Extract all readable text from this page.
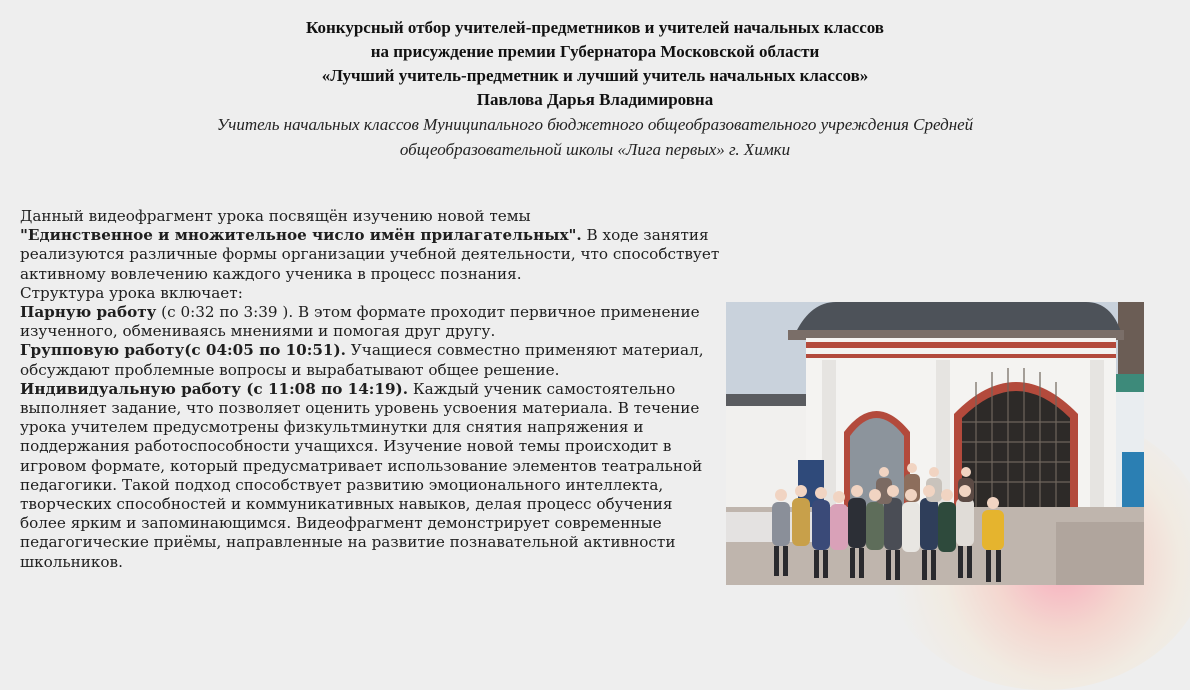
Конкурсный отбор учителей-предметников и учителей начальных классов
на присуждение премии Губернатора Московской области
«Лучший учитель-предметник и лучший учитель начальных классов»
Павлова Дарья Владимировна
Учитель начальных классов Муниципального бюджетного общеобразовательного учреждения Средней
общеобразовательной школы «Лига первых» г. Химки
Данный видеофрагмент урока посвящён изучению новой темы
"Единственное и множительное число имён прилагательных". В ходе занятия реализуются различные формы организации учебной деятельности, что способствует активному вовлечению каждого ученика в процесс познания.
Структура урока включает:
Парную работу (с 0:32 по 3:39 ). В этом формате проходит первичное применение изученного, обмениваясь мнениями и помогая друг другу.
Групповую работу(с 04:05 по 10:51). Учащиеся совместно применяют материал, обсуждают проблемные вопросы и вырабатывают общее решение.
Индивидуальную работу (с 11:08 по 14:19). Каждый ученик самостоятельно выполняет задание, что позволяет оценить уровень усвоения материала. В течение урока учителем предусмотрены физкультминутки для снятия напряжения и поддержания работоспособности учащихся. Изучение новой темы происходит в игровом формате, который предусматривает использование элементов театральной педагогики. Такой подход способствует развитию эмоционального интеллекта, творческих способностей и коммуникативных навыков, делая процесс обучения более ярким и запоминающимся. Видеофрагмент демонстрирует современные педагогические приёмы, направленные на развитие познавательной активности школьников.
